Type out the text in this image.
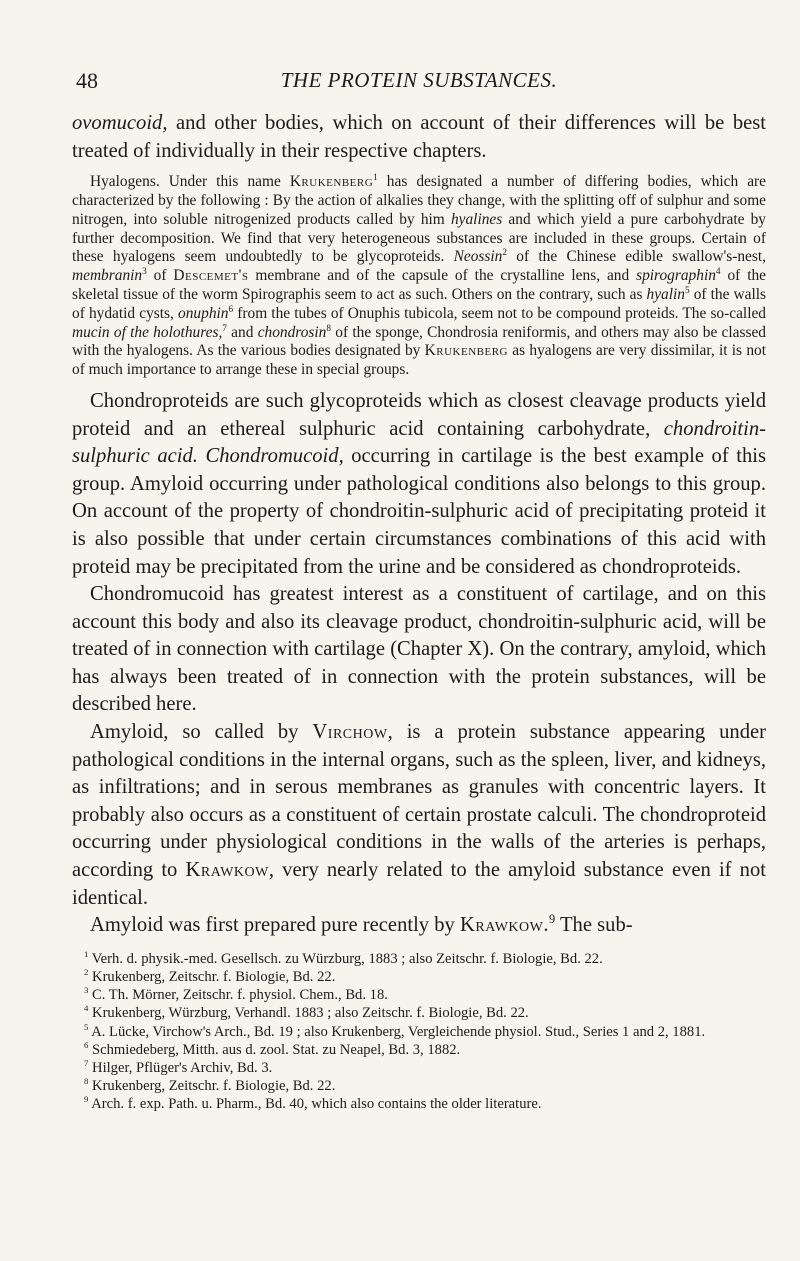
48	THE PROTEIN SUBSTANCES.

ovomucoid, and other bodies, which on account of their differences will be best treated of individually in their respective chapters.

Hyalogens. Under this name Krukenberg$^1$ has designated a number of differing bodies, which are characterized by the following : By the action of alkalies they change, with the splitting off of sulphur and some nitrogen, into soluble nitrogenized products called by him hyalines and which yield a pure carbohydrate by further decomposition. We find that very heterogeneous substances are included in these groups. Certain of these hyalogens seem undoubtedly to be glycoproteids. Neossin$^2$ of the Chinese edible swallow's-nest, membranin$^3$ of Descemet's membrane and of the capsule of the crystalline lens, and spirographin$^4$ of the skeletal tissue of the worm Spirographis seem to act as such. Others on the contrary, such as hyalin$^5$ of the walls of hydatid cysts, onuphin$^6$ from the tubes of Onuphis tubicola, seem not to be compound proteids. The so-called mucin of the holothures,$^7$ and chondrosin$^8$ of the sponge, Chondrosia reniformis, and others may also be classed with the hyalogens. As the various bodies designated by Krukenberg as hyalogens are very dissimilar, it is not of much importance to arrange these in special groups.

Chondroproteids are such glycoproteids which as closest cleavage products yield proteid and an ethereal sulphuric acid containing carbohydrate, chondroitin-sulphuric acid. Chondromucoid, occurring in cartilage is the best example of this group. Amyloid occurring under pathological conditions also belongs to this group. On account of the property of chondroitin-sulphuric acid of precipitating proteid it is also possible that under certain circumstances combinations of this acid with proteid may be precipitated from the urine and be considered as chondroproteids.

Chondromucoid has greatest interest as a constituent of cartilage, and on this account this body and also its cleavage product, chondroitin-sulphuric acid, will be treated of in connection with cartilage (Chapter X). On the contrary, amyloid, which has always been treated of in connection with the protein substances, will be described here.

Amyloid, so called by Virchow, is a protein substance appearing under pathological conditions in the internal organs, such as the spleen, liver, and kidneys, as infiltrations; and in serous membranes as granules with concentric layers. It probably also occurs as a constituent of certain prostate calculi. The chondroproteid occurring under physiological conditions in the walls of the arteries is perhaps, according to Krawkow, very nearly related to the amyloid substance even if not identical.

Amyloid was first prepared pure recently by Krawkow.$^9$ The sub-

$^1$ Verh. d. physik.-med. Gesellsch. zu Würzburg, 1883 ; also Zeitschr. f. Biologie, Bd. 22.
$^2$ Krukenberg, Zeitschr. f. Biologie, Bd. 22.
$^3$ C. Th. Mörner, Zeitschr. f. physiol. Chem., Bd. 18.
$^4$ Krukenberg, Würzburg, Verhandl. 1883 ; also Zeitschr. f. Biologie, Bd. 22.
$^5$ A. Lücke, Virchow's Arch., Bd. 19 ; also Krukenberg, Vergleichende physiol. Stud., Series 1 and 2, 1881.
$^6$ Schmiedeberg, Mitth. aus d. zool. Stat. zu Neapel, Bd. 3, 1882.
$^7$ Hilger, Pflüger's Archiv, Bd. 3.
$^8$ Krukenberg, Zeitschr. f. Biologie, Bd. 22.
$^9$ Arch. f. exp. Path. u. Pharm., Bd. 40, which also contains the older literature.
